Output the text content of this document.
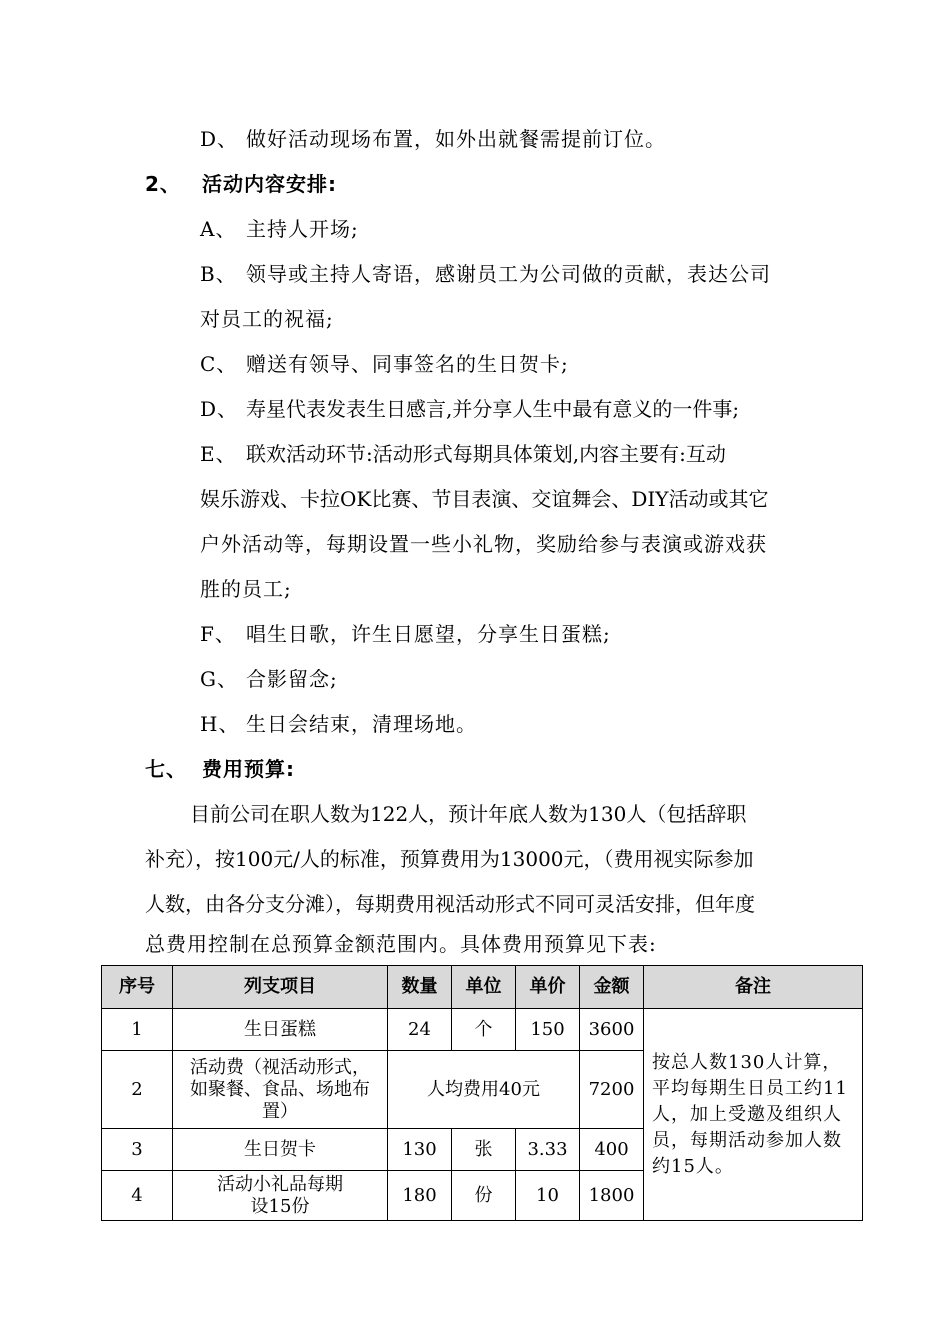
D、 做好活动现场布置，如外出就餐需提前订位。
2、 活动内容安排:
A、 主持人开场;
B、 领导或主持人寄语，感谢员工为公司做的贡献，表达公司
对员工的祝福;
C、 赠送有领导、同事签名的生日贺卡;
D、 寿星代表发表生日感言,并分享人生中最有意义的一件事;
E、 联欢活动环节:活动形式每期具体策划,内容主要有:互动
娱乐游戏、卡拉OK比赛、节目表演、交谊舞会、DIY活动或其它
户外活动等，每期设置一些小礼物，奖励给参与表演或游戏获
胜的员工;
F、 唱生日歌，许生日愿望，分享生日蛋糕;
G、 合影留念;
H、 生日会结束，清理场地。
七、 费用预算:
目前公司在职人数为122人，预计年底人数为130人（包括辞职
补充），按100元/人的标准，预算费用为13000元，（费用视实际参加
人数，由各分支分滩），每期费用视活动形式不同可灵活安排，但年度
总费用控制在总预算金额范围内。具体费用预算见下表:
序号	列支项目	数量	单位	单价	金额	备注
1	生日蛋糕	24	个	150	3600	按总人数130人计算，平均每期生日员工约11人，加上受邀及组织人员，每期活动参加人数约15人。
2	活动费（视活动形式，如聚餐、食品、场地布置）	人均费用40元			7200	
3	生日贺卡	130	张	3.33	400	
4	活动小礼品每期设15份	180	份	10	1800	
